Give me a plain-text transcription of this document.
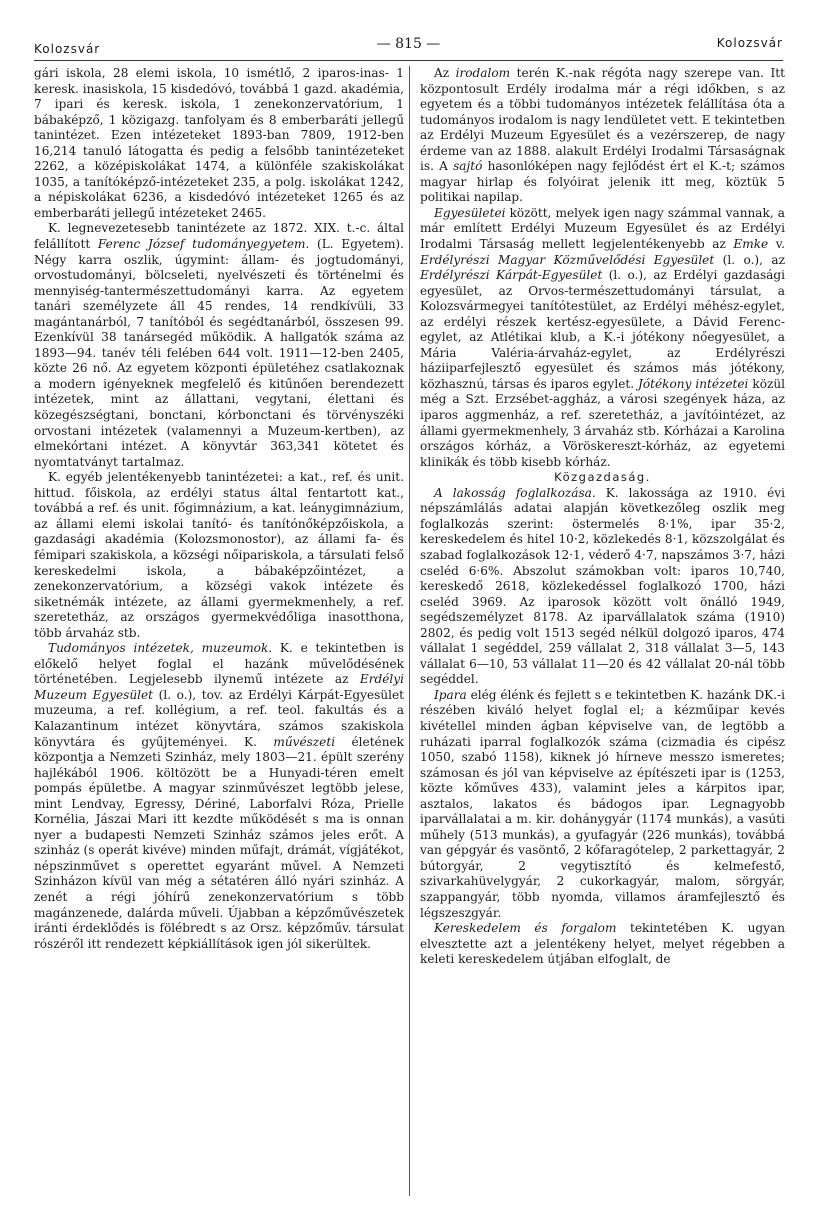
Kolozsvár	— 815 —	Kolozsvár

gári iskola, 28 elemi iskola, 10 ismétlő, 2 iparos-inas- 1 keresk. inasiskola, 15 kisdedóvó, továbbá 1 gazd. akadémia, 7 ipari és keresk. iskola, 1 zenekonzervatórium, 1 bábaképző, 1 közigazg. tanfolyam és 8 emberbaráti jellegű tanintézet. Ezen intézeteket 1893-ban 7809, 1912-ben 16,214 tanuló látogatta és pedig a felsőbb tanintézeteket 2262, a középiskolákat 1474, a különféle szakiskolákat 1035, a tanítóképző-intézeteket 235, a polg. iskolákat 1242, a népiskolákat 6236, a kisdedóvó intézeteket 1265 és az emberbaráti jellegű intézeteket 2465.

K. legnevezetesebb tanintézete az 1872. XIX. t.-c. által felállított Ferenc József tudományegyetem. (L. Egyetem). Négy karra oszlik, úgymint: állam- és jogtudományi, orvostudományi, bölcseleti, nyelvészeti és történelmi és mennyiség-tantermészettudományi karra. Az egyetem tanári személyzete áll 45 rendes, 14 rendkívüli, 33 magántanárból, 7 tanítóból és segédtanárból, összesen 99. Ezenkívül 38 tanársegéd működik. A hallgatók száma az 1893—94. tanév téli felében 644 volt. 1911—12-ben 2405, köztе 26 nő. Az egyetem központi épületéhez csatlakoznak a modern igényeknek megfelelő és kitűnően berendezett intézetek, mint az állattani, vegytani, élettani és közegészségtani, bonctani, kórbonctani és törvényszéki orvostani intézetek (valamennyi a Muzeum-kertben), az elmekórtani intézet. A könyvtár 363,341 kötetet és nyomtatványt tartalmaz.

K. egyéb jelentékenyebb tanintézetei: a kat., ref. és unit. hittud. főiskola, az erdélyi status által fentartott kat., továbbá a ref. és unit. főgimnázium, a kat. leánygimnázium, az állami elemi iskolai tanító- és tanítónőképzőiskola, a gazdasági akadémia (Kolozsmonostor), az állami fa- és fémipari szakiskola, a községi nőipariskola, a társulati felső kereskedelmi iskola, a bábaképzőintézet, a zenekonzervatórium, a községi vakok intézete és siketnémák intézete, az állami gyermekmenhely, a ref. szeretetház, az országos gyermekvédőliga inasotthona, több árvaház stb.

Tudományos intézetek, muzeumok. K. e tekintetben is előkelő helyet foglal el hazánk művelődésének történetében. Legjelesebb ilynemű intézete az Erdélyi Muzeum Egyesület (l. o.), tov. az Erdélyi Kárpát-Egyesület muzeuma, a ref. kollégium, a ref. teol. fakultás és a Kalazantinum intézet könyvtára, számos szakiskola könyvtára és gyűjteményei. K. művészeti életének központja a Nemzeti Szinház, mely 1803—21. épült szerény hajlékából 1906. költözött be a Hunyadi-téren emelt pompás épületbe. A magyar szinművészet legtöbb jelese, mint Lendvay, Egressy, Dériné, Laborfalvi Róza, Prielle Kornélia, Jászai Mari itt kezdte működését s ma is onnan nyer a budapesti Nemzeti Szinház számos jeles erőt. A szinház (s operát kivéve) minden műfajt, drámát, vígjátékot, népszinművet s operettet egyaránt művel. A Nemzeti Szinházon kívül van még a sétatéren álló nyári szinház. A zenét a régi jóhírű zenekonzervatórium s több magánzenede, dalárda műveli. Újabban a képzőművészetek iránti érdeklődés is fölébredt s az Orsz. képzőműv. társulat rószéről itt rendezett képkiállítások igen jól sikerültek.

Az irodalom terén K.-nak régóta nagy szerepe van. Itt központosult Erdély irodalma már a régi időkben, s az egyetem és a többi tudományos intézetek felállítása óta a tudományos irodalom is nagy lendületet vett. E tekintetben az Erdélyi Muzeum Egyesület és a vezérszerep, de nagy érdeme van az 1888. alakult Erdélyi Irodalmi Társaságnak is. A sajtó hasonlóképen nagy fejlődést ért el K.-t; számos magyar hirlap és folyóirat jelenik itt meg, köztük 5 politikai napilap.

Egyesületei között, melyek igen nagy számmal vannak, a már említett Erdélyi Muzeum Egyesület és az Erdélyi Irodalmi Társaság mellett legjelentékenyebb az Emke v. Erdélyrészi Magyar Közművelődési Egyesület (l. o.), az Erdélyrészi Kárpát-Egyesület (l. o.), az Erdélyi gazdasági egyesület, az Orvos-természettudományi társulat, a Kolozsvármegyei tanítótestület, az Erdélyi méhész-egylet, az erdélyi részek kertész-egyesülete, a Dávid Ferenc-egylet, az Atlétikai klub, a K.-i jótékony nőegyesület, a Mária Valéria-árvaház-egylet, az Erdélyrészi háziiparfejlesztő egyesület és számos más jótékony, közhasznú, társas és iparos egylet. Jótékony intézetei közül még a Szt. Erzsébet-aggház, a városi szegények háza, az iparos aggmenház, a ref. szeretetház, a javítóintézet, az állami gyermekmenhely, 3 árvaház stb. Kórházai a Karolina országos kórház, a Vöröskereszt-kórház, az egyetemi klinikák és több kisebb kórház.

Közgazdaság.

A lakosság foglalkozása. K. lakossága az 1910. évi népszámlálás adatai alapján következőleg oszlik meg foglalkozás szerint: östermelés 8·1%, ipar 35·2, kereskedelem és hitel 10·2, közlekedés 8·1, közszolgálat és szabad foglalkozások 12·1, véderő 4·7, napszámos 3·7, házi cseléd 6·6%. Abszolut számokban volt: iparos 10,740, kereskedő 2618, közlekedéssel foglalkozó 1700, házi cseléd 3969. Az iparosok között volt önálló 1949, segédszemélyzet 8178. Az iparvállalatok száma (1910) 2802, és pedig volt 1513 segéd nélkül dolgozó iparos, 474 vállalat 1 segéddel, 259 vállalat 2, 318 vállalat 3—5, 143 vállalat 6—10, 53 vállalat 11—20 és 42 vállalat 20-nál több segéddel.

Ipara elég élénk és fejlett s e tekintetben K. hazánk DK.-i részében kiváló helyet foglal el; a kézműipar kevés kivétellel minden ágban képviselve van, de legtöbb a ruházati iparral foglalkozók száma (cizmadia és cipész 1050, szabó 1158), kiknek jó hírneve messzo ismeretes; számosan és jól van képviselve az építészeti ipar is (1253, közte kőműves 433), valamint jeles a kárpitos ipar, asztalos, lakatos és bádogos ipar. Legnagyobb iparvállalatai a m. kir. dohánygyár (1174 munkás), a vasúti műhely (513 munkás), a gyufagyár (226 munkás), továbbá van gépgyár és vasöntő, 2 kőfaragótelep, 2 parkettagyár, 2 bútorgyár, 2 vegytisztító és kelmefestő, szivarkahüvelygyár, 2 cukorkagyár, malom, sörgyár, szappangyár, több nyomda, villamos áramfejlesztő és légszeszgyár.

Kereskedelem és forgalom tekintetében K. ugyan elvesztette azt a jelentékeny helyet, melyet régebben a keleti kereskedelem útjában elfoglalt, de
